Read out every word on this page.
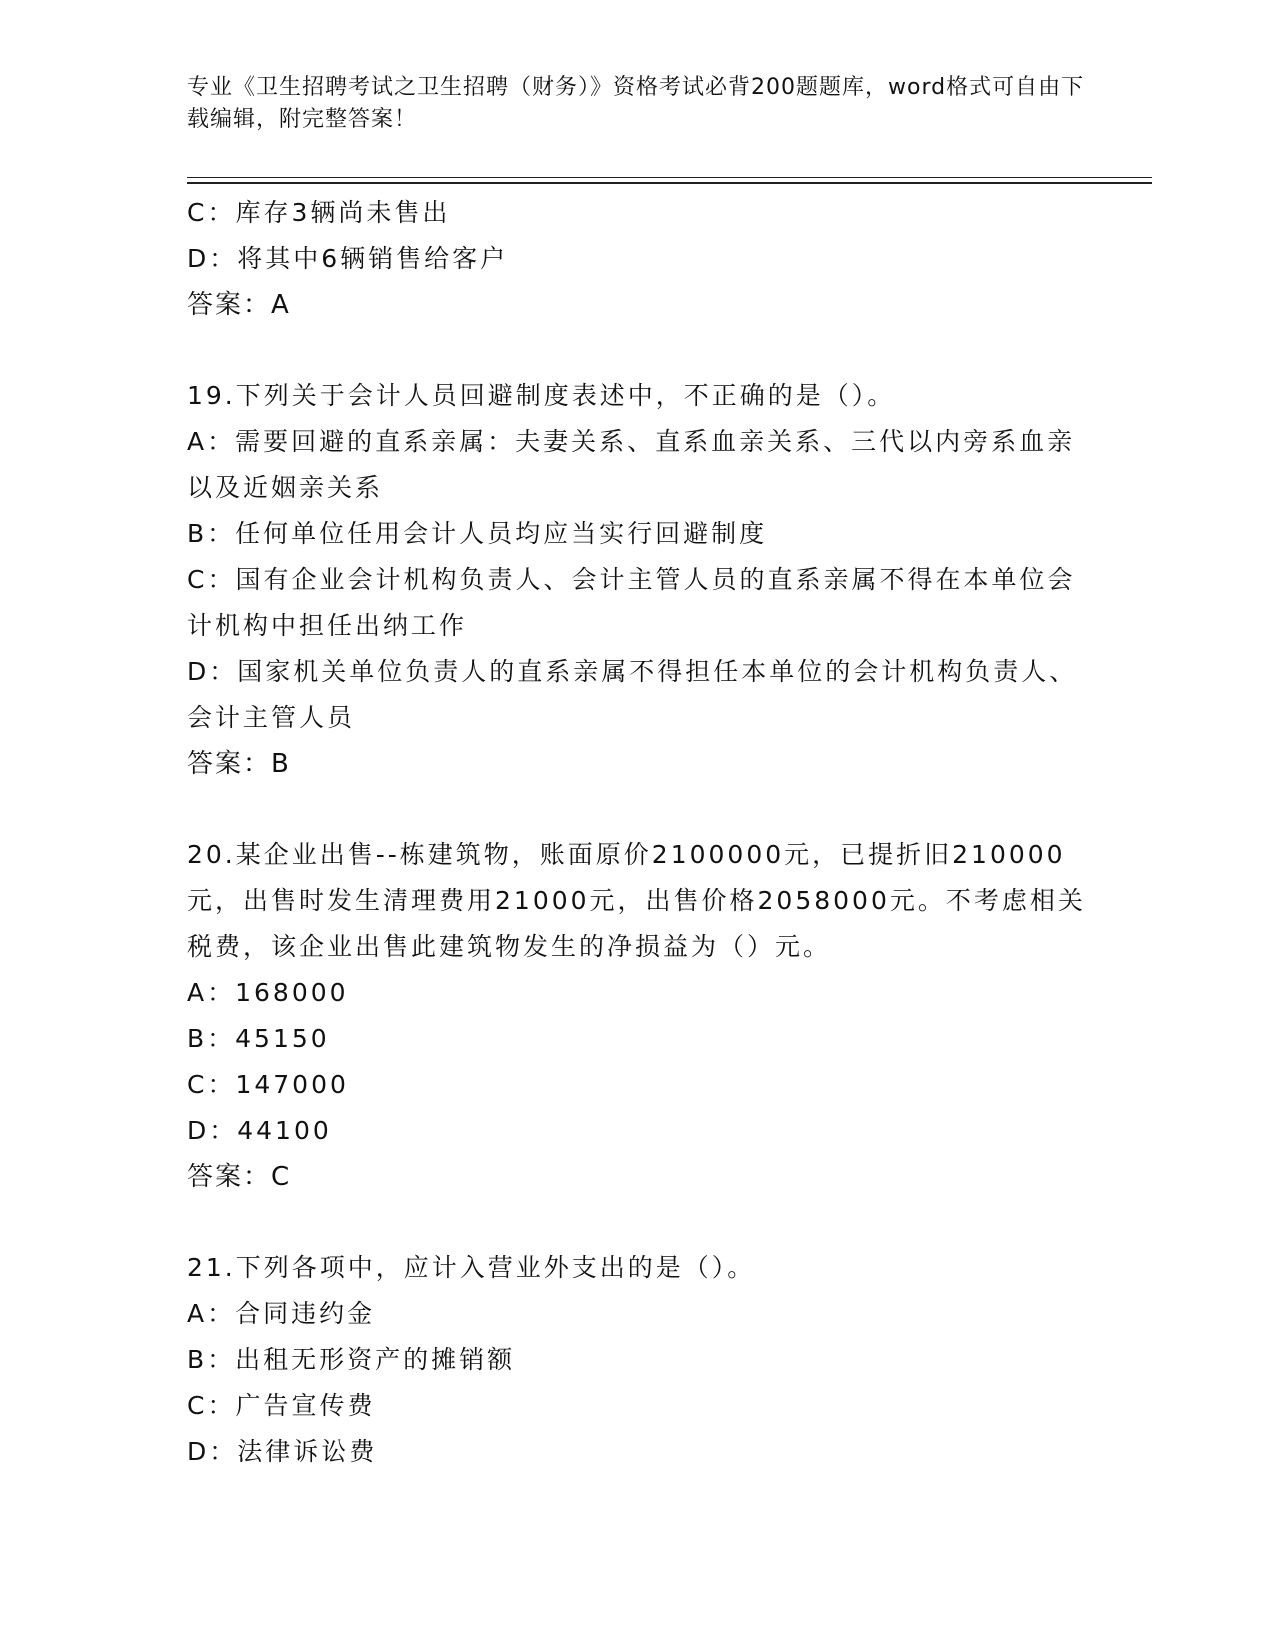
专业《卫生招聘考试之卫生招聘（财务）》资格考试必背200题题库，word格式可自由下载编辑，附完整答案！
C：库存3辆尚未售出
D：将其中6辆销售给客户
答案：A
19.下列关于会计人员回避制度表述中，不正确的是（）。
A：需要回避的直系亲属：夫妻关系、直系血亲关系、三代以内旁系血亲以及近姻亲关系
B：任何单位任用会计人员均应当实行回避制度
C：国有企业会计机构负责人、会计主管人员的直系亲属不得在本单位会计机构中担任出纳工作
D：国家机关单位负责人的直系亲属不得担任本单位的会计机构负责人、会计主管人员
答案：B
20.某企业出售--栋建筑物，账面原价2100000元，已提折旧210000元，出售时发生清理费用21000元，出售价格2058000元。不考虑相关税费，该企业出售此建筑物发生的净损益为（）元。
A：168000
B：45150
C：147000
D：44100
答案：C
21.下列各项中，应计入营业外支出的是（）。
A：合同违约金
B：出租无形资产的摊销额
C：广告宣传费
D：法律诉讼费
